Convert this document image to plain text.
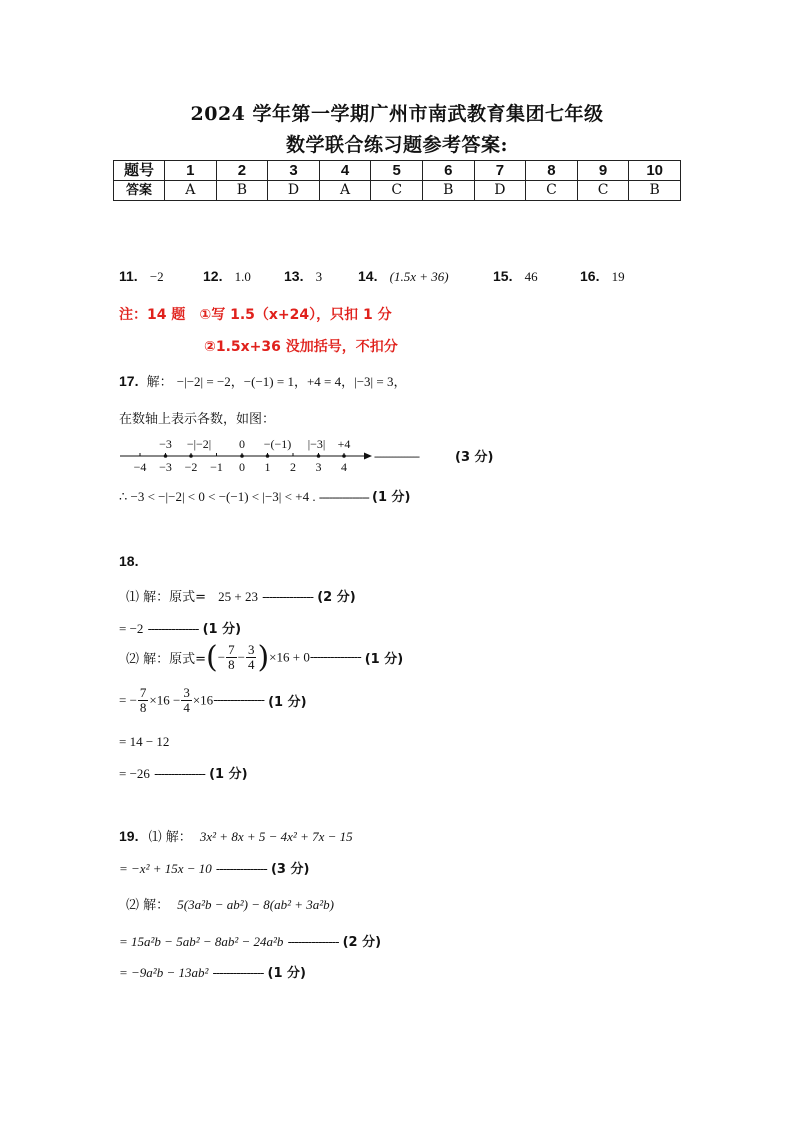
2024 学年第一学期广州市南武教育集团七年级
数学联合练习题参考答案:
题号	1	2	3	4	5	6	7	8	9	10
答案	A	B	D	A	C	B	D	C	C	B
11. −2	12. 1.0 13. 3	14. (1.5x + 36)	15. 46	16. 19
注：14 题　①写 1.5（x+24），只扣 1 分
②1.5x+36 没加括号，不扣分
17. 解： −|−2| = −2，−(−1) = 1，+4 = 4，|−3| = 3，
在数轴上表示各数，如图：
−4 −3 −2 −1 0 1 2 3 4
−3 −|−2| 0 −(−1) |−3| +4
---------------	(3 分)
∴ −3 < −|−2| < 0 < −(−1) < |−3| < +4 . --------------- (1 分)
18.
⑴ 解：原式= 25 + 23 --------------- (2 分)
= −2 --------------- (1 分)
⑵ 解：原式=(− $\frac{7}{8} - \frac{3}{4} )\times 16 + 0---------------$ (1 分)
= − $\frac{7}{8} \times 16 - \frac{3}{4} \times 16---------------$ (1 分)
= 14 − 12
= −26 --------------- (1 分)
19. ⑴ 解： 3x² + 8x + 5 − 4x² + 7x − 15
= −x² + 15x − 10 --------------- (3 分)
⑵ 解： 5(3a²b − ab²) − 8(ab² + 3a²b)
= 15a²b − 5ab² − 8ab² − 24a²b --------------- (2 分)
= −9a²b − 13ab² --------------- (1 分)
